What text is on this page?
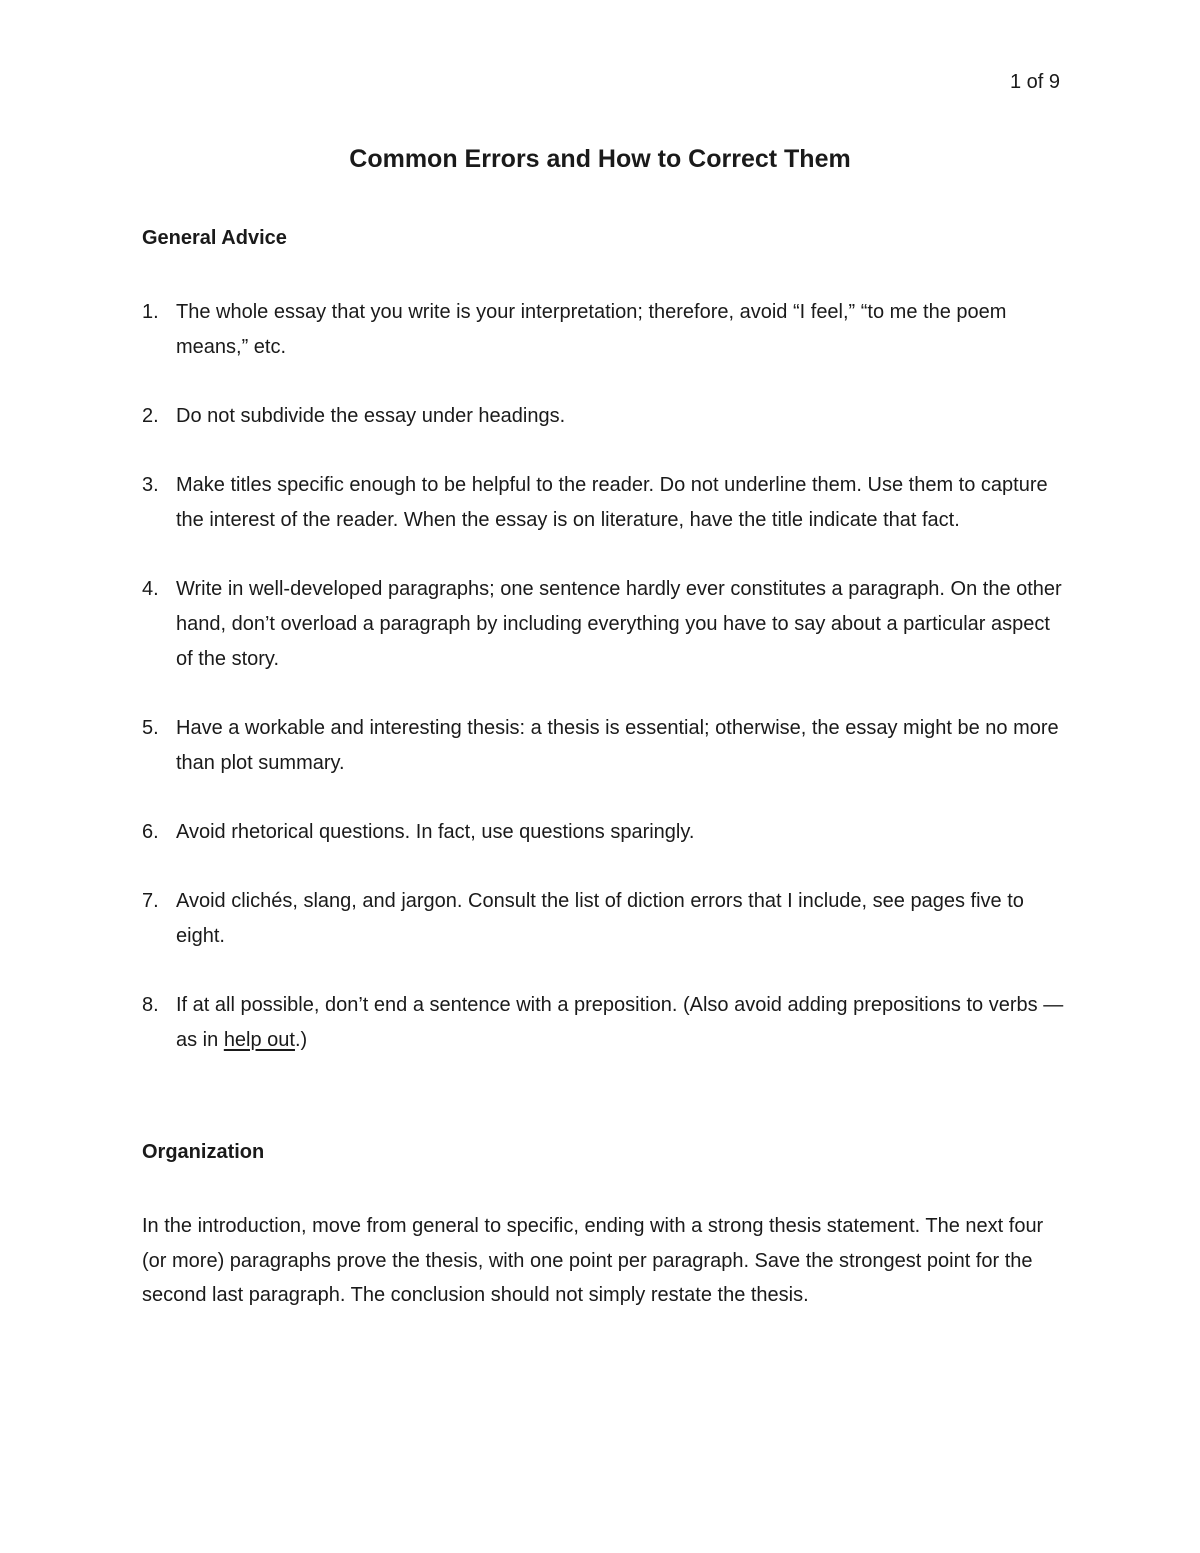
1 of 9
Common Errors and How to Correct Them
General Advice
1. The whole essay that you write is your interpretation; therefore, avoid “I feel,” “to me the poem means,” etc.
2. Do not subdivide the essay under headings.
3. Make titles specific enough to be helpful to the reader. Do not underline them. Use them to capture the interest of the reader. When the essay is on literature, have the title indicate that fact.
4. Write in well-developed paragraphs; one sentence hardly ever constitutes a paragraph. On the other hand, don’t overload a paragraph by including everything you have to say about a particular aspect of the story.
5. Have a workable and interesting thesis: a thesis is essential; otherwise, the essay might be no more than plot summary.
6. Avoid rhetorical questions. In fact, use questions sparingly.
7. Avoid clichés, slang, and jargon. Consult the list of diction errors that I include, see pages five to eight.
8. If at all possible, don’t end a sentence with a preposition. (Also avoid adding prepositions to verbs — as in help out.)
Organization

In the introduction, move from general to specific, ending with a strong thesis statement. The next four (or more) paragraphs prove the thesis, with one point per paragraph. Save the strongest point for the second last paragraph. The conclusion should not simply restate the thesis.
